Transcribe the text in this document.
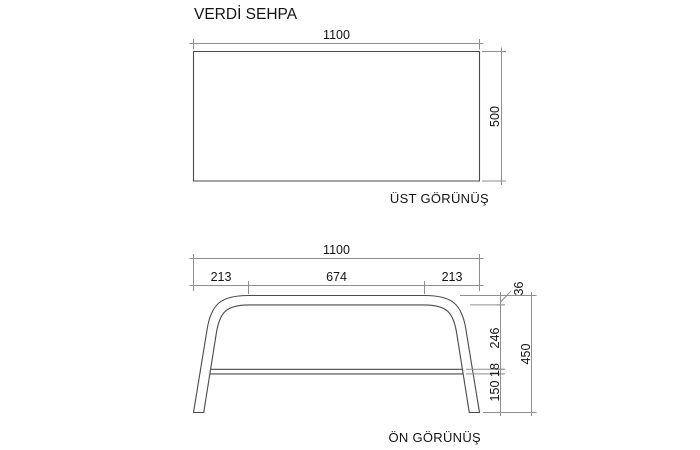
VERDİ SEHPA
1100
500
ÜST GÖRÜNÜŞ
1100
213	674	213
36
246
18
150
450
ÖN GÖRÜNÜŞ
